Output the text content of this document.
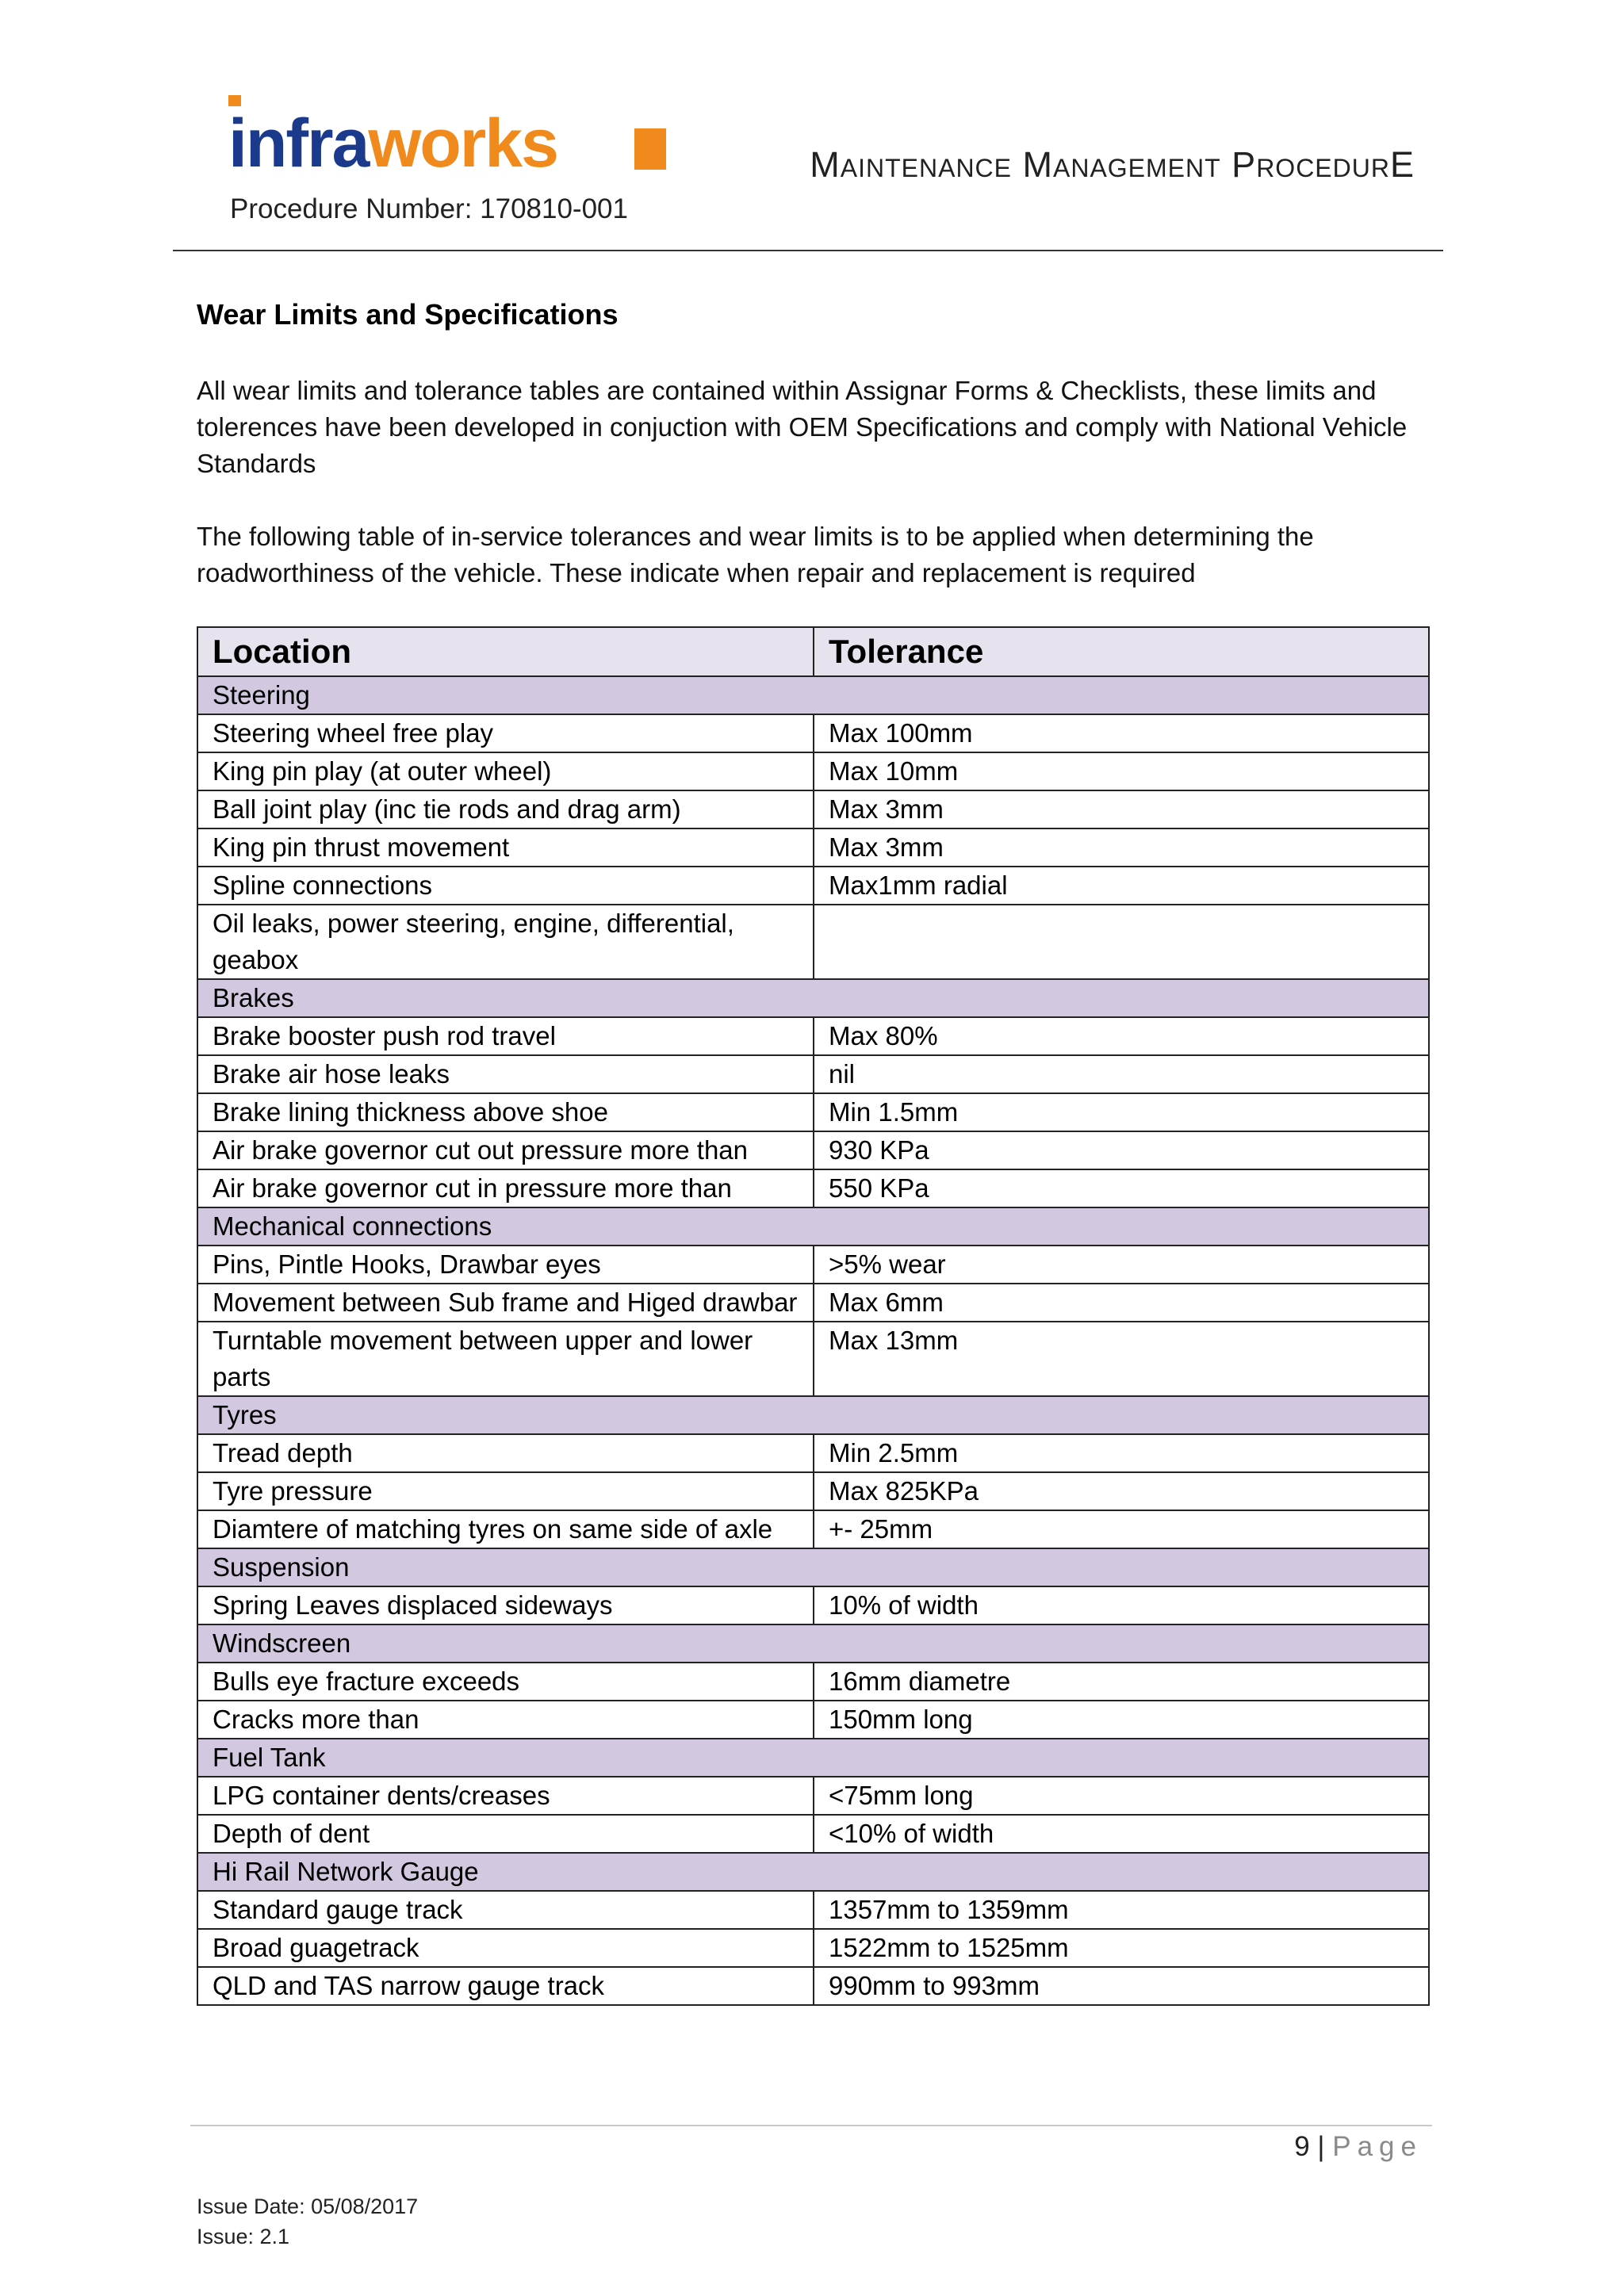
infraworks
Procedure Number: 170810-001
Maintenance Management ProcedurE
Wear Limits and Specifications
All wear limits and tolerance tables are contained within Assignar Forms & Checklists, these limits and tolerences have been developed in conjuction with OEM Specifications and comply with National Vehicle Standards
The following table of in-service tolerances and wear limits is to be applied when determining the roadworthiness of the vehicle. These indicate when repair and replacement is required
Location	Tolerance
Steering	
Steering wheel free play	Max 100mm
King pin play (at outer wheel)	Max 10mm
Ball joint play (inc tie rods and drag arm)	Max 3mm
King pin thrust movement	Max 3mm
Spline connections	Max1mm radial
Oil leaks, power steering, engine, differential, geabox	
Brakes	
Brake booster push rod travel	Max 80%
Brake air hose leaks	nil
Brake lining thickness above shoe	Min 1.5mm
Air brake governor cut out pressure more than	930 KPa
Air brake governor cut in pressure more than	550 KPa
Mechanical connections	
Pins, Pintle Hooks, Drawbar eyes	>5% wear
Movement between Sub frame and Higed drawbar	Max 6mm
Turntable movement between upper and lower parts	Max 13mm
Tyres	
Tread depth	Min 2.5mm
Tyre pressure	Max 825KPa
Diamtere of matching tyres on same side of axle	+- 25mm
Suspension	
Spring Leaves displaced sideways	10% of width
Windscreen	
Bulls eye fracture exceeds	16mm diametre
Cracks more than	150mm long
Fuel Tank	
LPG container dents/creases	<75mm long
Depth of dent	<10% of width
Hi Rail Network Gauge	
Standard gauge track	1357mm to 1359mm
Broad guagetrack	1522mm to 1525mm
QLD and TAS narrow gauge track	990mm to 993mm
9 | Page
Issue Date: 05/08/2017
Issue: 2.1
